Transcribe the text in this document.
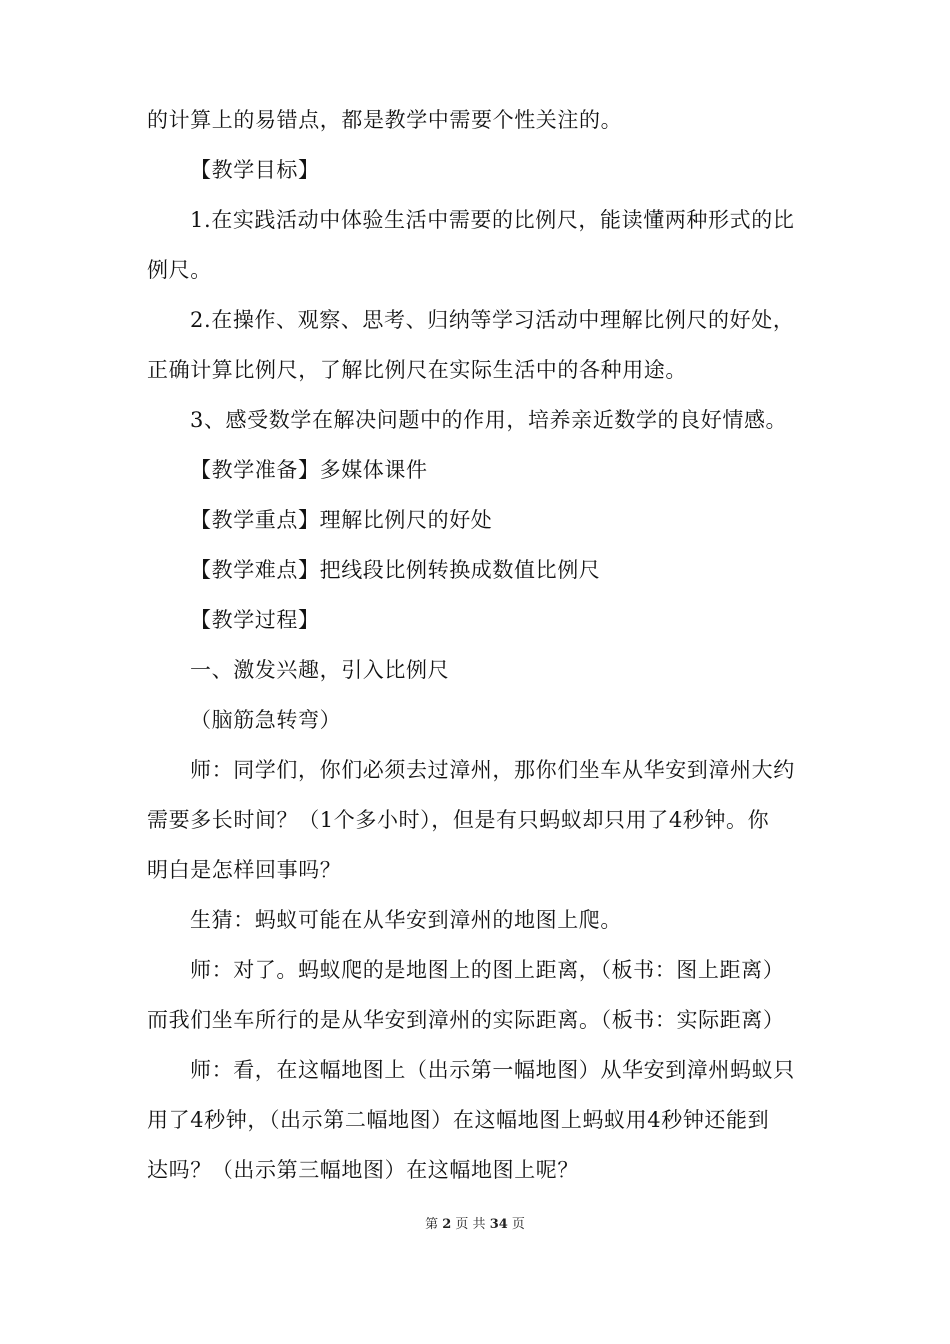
的计算上的易错点，都是教学中需要个性关注的。
【教学目标】
1.在实践活动中体验生活中需要的比例尺，能读懂两种形式的比
例尺。
2.在操作、观察、思考、归纳等学习活动中理解比例尺的好处，
正确计算比例尺，了解比例尺在实际生活中的各种用途。
3、感受数学在解决问题中的作用，培养亲近数学的良好情感。
【教学准备】多媒体课件
【教学重点】理解比例尺的好处
【教学难点】把线段比例转换成数值比例尺
【教学过程】
一、激发兴趣，引入比例尺
（脑筋急转弯）
师：同学们，你们必须去过漳州，那你们坐车从华安到漳州大约
需要多长时间？（1个多小时），但是有只蚂蚁却只用了4秒钟。你
明白是怎样回事吗？
生猜：蚂蚁可能在从华安到漳州的地图上爬。
师：对了。蚂蚁爬的是地图上的图上距离，（板书：图上距离）
而我们坐车所行的是从华安到漳州的实际距离。（板书：实际距离）
师：看，在这幅地图上（出示第一幅地图）从华安到漳州蚂蚁只
用了4秒钟，（出示第二幅地图）在这幅地图上蚂蚁用4秒钟还能到
达吗？（出示第三幅地图）在这幅地图上呢？
第 2 页 共 34 页
